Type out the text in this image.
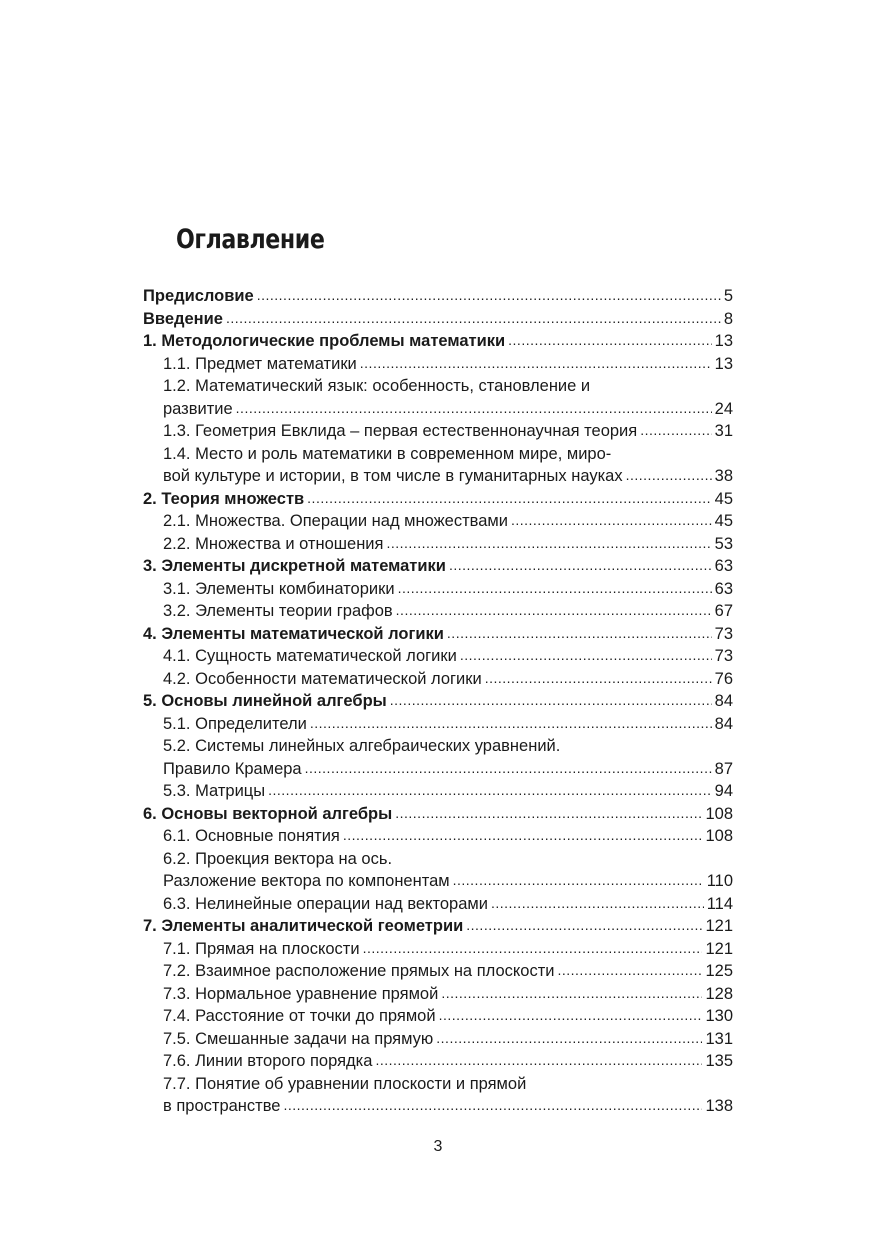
Оглавление
Предисловие .....	5
Введение .....	8
1. Методологические проблемы математики .....	13
1.1. Предмет математики .....	13
1.2. Математический язык: особенность, становление и
развитие .....	24
1.3. Геометрия Евклида – первая естественнонаучная теория .....	31
1.4. Место и роль математики в современном мире, миро-
вой культуре и истории, в том числе в гуманитарных науках .....	38
2. Теория множеств .....	45
2.1. Множества. Операции над множествами .....	45
2.2. Множества и отношения .....	53
3. Элементы дискретной математики .....	63
3.1. Элементы комбинаторики .....	63
3.2. Элементы теории графов .....	67
4. Элементы математической логики .....	73
4.1. Сущность математической логики .....	73
4.2. Особенности математической логики .....	76
5. Основы линейной алгебры .....	84
5.1. Определители .....	84
5.2. Системы линейных алгебраических уравнений.
Правило Крамера .....	87
5.3. Матрицы .....	94
6. Основы векторной алгебры .....	108
6.1. Основные понятия .....	108
6.2. Проекция вектора на ось.
Разложение вектора по компонентам .....	110
6.3. Нелинейные операции над векторами .....	114
7. Элементы аналитической геометрии .....	121
7.1. Прямая на плоскости .....	121
7.2. Взаимное расположение прямых на плоскости .....	125
7.3. Нормальное уравнение прямой .....	128
7.4. Расстояние от точки до прямой .....	130
7.5. Смешанные задачи на прямую .....	131
7.6. Линии второго порядка .....	135
7.7. Понятие об уравнении плоскости и прямой
в пространстве .....	138
3
